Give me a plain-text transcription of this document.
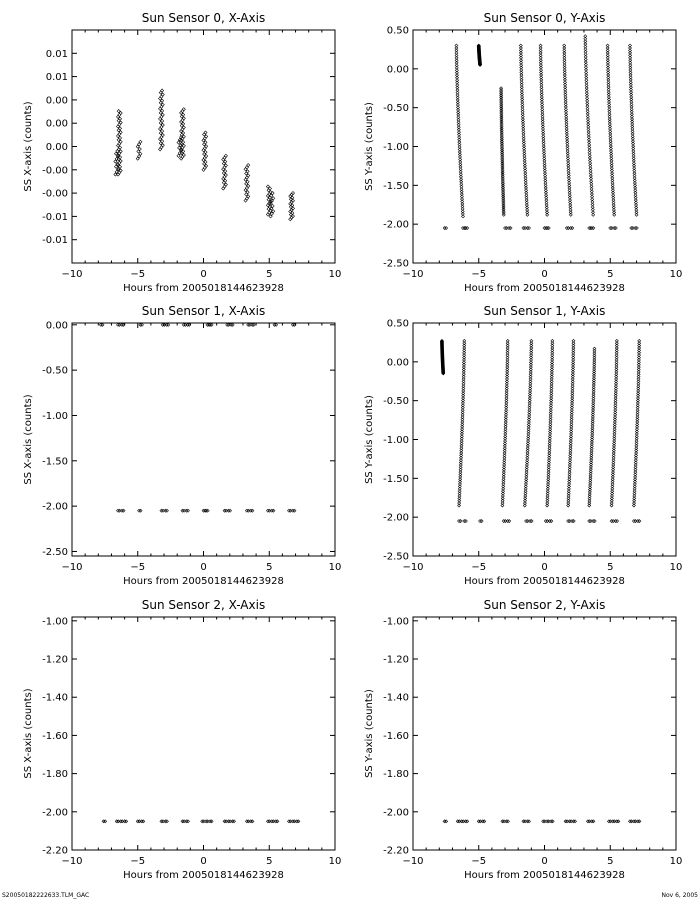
Sun Sensor 0, X-Axis
−10	−5	0	5	10
-0.01
-0.01
-0.00
-0.00
0.00
0.00
0.00
0.01
0.01
Hours from 2005018144623928
SS X-axis (counts)
Sun Sensor 0, Y-Axis
−10	−5	0	5	10
-2.50
-2.00
-1.50
-1.00
-0.50
0.00
0.50
Hours from 2005018144623928
SS Y-axis (counts)
Sun Sensor 1, X-Axis
−10	−5	0	5	10
-2.50
-2.00
-1.50
-1.00
-0.50
0.00
Hours from 2005018144623928
SS X-axis (counts)
Sun Sensor 1, Y-Axis
−10	−5	0	5	10
-2.50
-2.00
-1.50
-1.00
-0.50
0.00
0.50
Hours from 2005018144623928
SS Y-axis (counts)
Sun Sensor 2, X-Axis
−10	−5	0	5	10
-2.20
-2.00
-1.80
-1.60
-1.40
-1.20
-1.00
Hours from 2005018144623928
SS X-axis (counts)
Sun Sensor 2, Y-Axis
−10	−5	0	5	10
-2.20
-2.00
-1.80
-1.60
-1.40
-1.20
-1.00
Hours from 2005018144623928
SS Y-axis (counts)
S20050182222633.TLM_GAC	Nov 6, 2005
